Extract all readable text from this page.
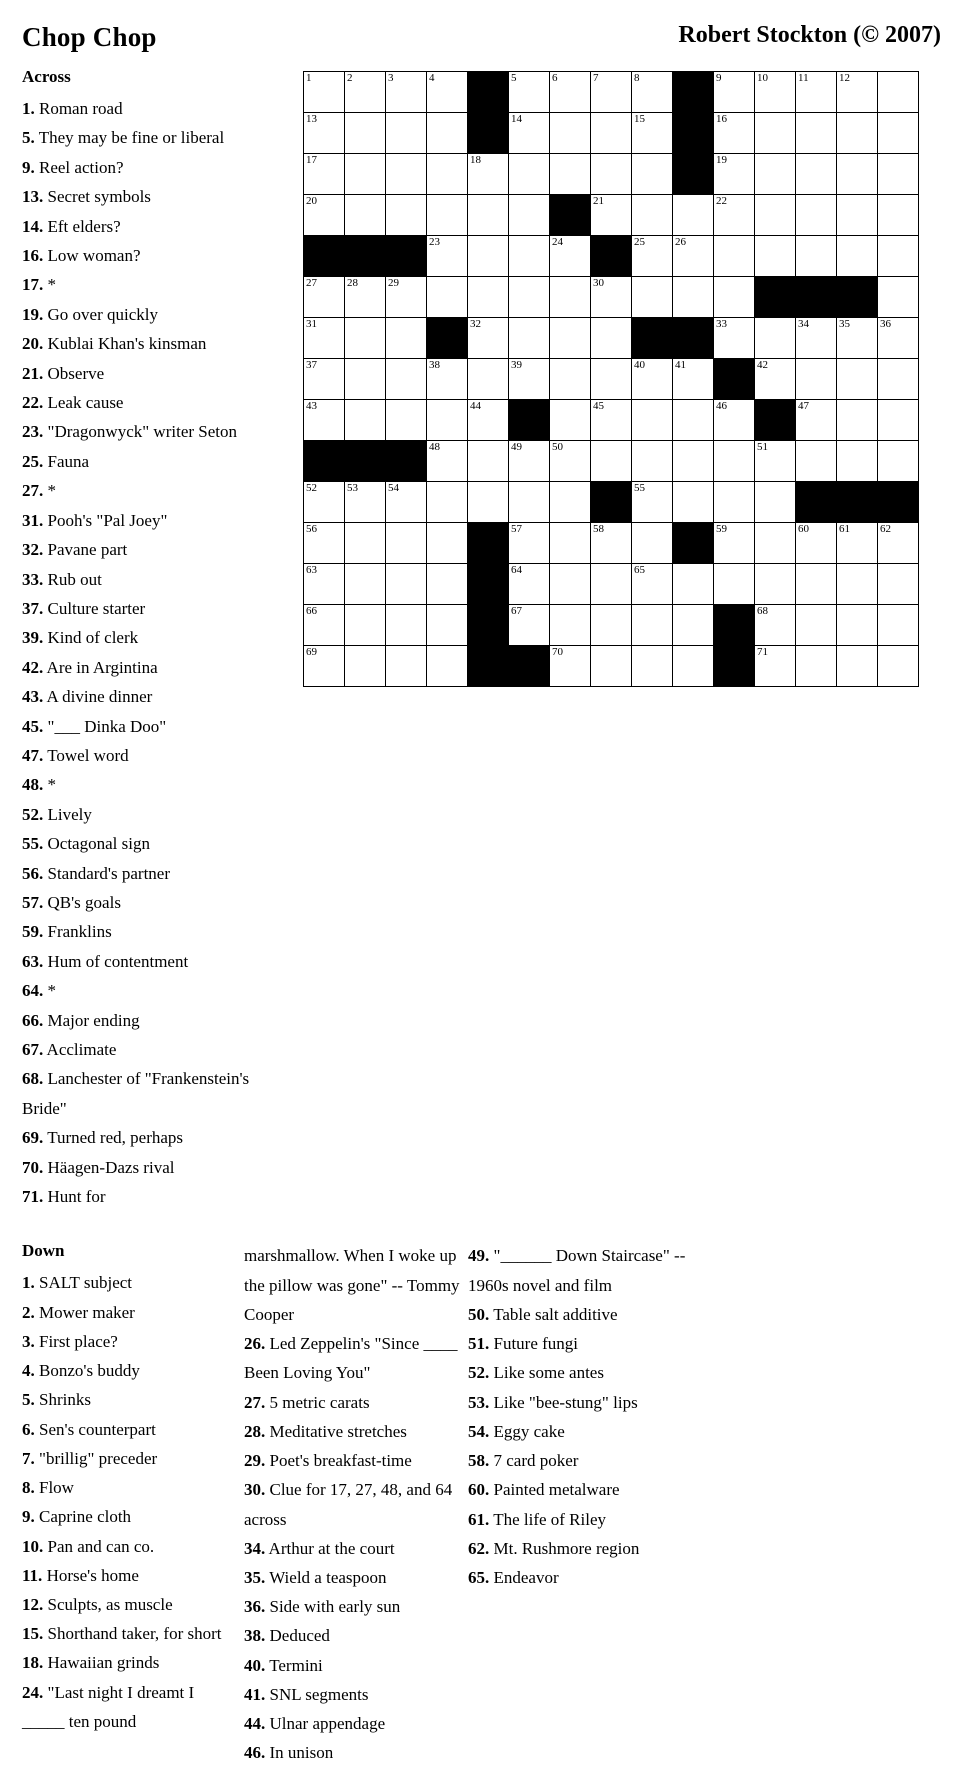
Chop Chop	Robert Stockton (© 2007)
Across
1. Roman road
5. They may be fine or liberal
9. Reel action?
13. Secret symbols
14. Eft elders?
16. Low woman?
17. *
19. Go over quickly
20. Kublai Khan's kinsman
21. Observe
22. Leak cause
23. "Dragonwyck" writer Seton
25. Fauna
27. *
31. Pooh's "Pal Joey"
32. Pavane part
33. Rub out
37. Culture starter
39. Kind of clerk
42. Are in Argintina
43. A divine dinner
45. "___ Dinka Doo"
47. Towel word
48. *
52. Lively
55. Octagonal sign
56. Standard's partner
57. QB's goals
59. Franklins
63. Hum of contentment
64. *
66. Major ending
67. Acclimate
68. Lanchester of "Frankenstein's Bride"
69. Turned red, perhaps
70. Häagen-Dazs rival
71. Hunt for
1	2	3	4		5	6	7	8		9	10	11	12	

13					14			15		16				

17				18						19				

20							21			22				

			23			24		25	26					

27	28	29					30							

31				32						33		34	35	36

37			38		39			40	41		42			

43				44			45			46		47		

			48		49	50					51			

52	53	54						55						

56					57		58			59		60	61	62

63					64			65						

66					67						68			

69						70					71			

Down
1. SALT subject
2. Mower maker
3. First place?
4. Bonzo's buddy
5. Shrinks
6. Sen's counterpart
7. "brillig" preceder
8. Flow
9. Caprine cloth
10. Pan and can co.
11. Horse's home
12. Sculpts, as muscle
15. Shorthand taker, for short
18. Hawaiian grinds
24. "Last night I dreamt I _____ ten pound
marshmallow. When I woke up the pillow was gone" -- Tommy Cooper
26. Led Zeppelin's "Since ____ Been Loving You"
27. 5 metric carats
28. Meditative stretches
29. Poet's breakfast-time
30. Clue for 17, 27, 48, and 64 across
34. Arthur at the court
35. Wield a teaspoon
36. Side with early sun
38. Deduced
40. Termini
41. SNL segments
44. Ulnar appendage
46. In unison
49. "______ Down Staircase" -- 1960s novel and film
50. Table salt additive
51. Future fungi
52. Like some antes
53. Like "bee-stung" lips
54. Eggy cake
58. 7 card poker
60. Painted metalware
61. The life of Riley
62. Mt. Rushmore region
65. Endeavor
